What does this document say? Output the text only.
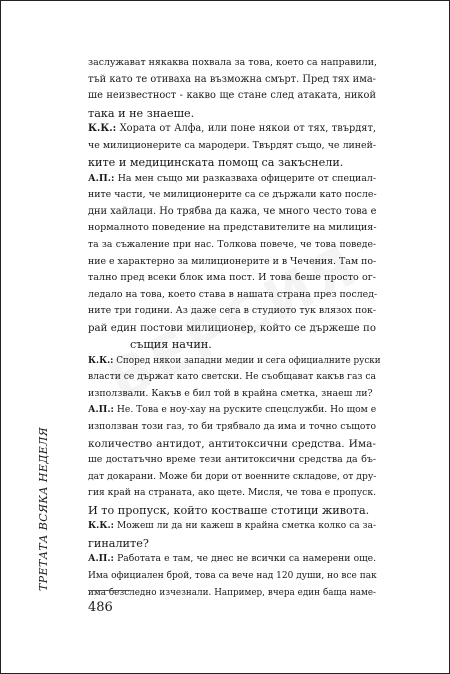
заслужават някаква похвала за това, което са направили,
тъй като те отиваха на възможна смърт. Пред тях има-
ше неизвестност - какво ще стане след атаката, никой
така и не знаеше.
К.К.: Хората от Алфа, или поне някои от тях, твърдят,
че милиционерите са мародери. Твърдят също, че линей-
ките и медицинската помощ са закъснели.
А.П.: На мен също ми разказваха офицерите от специал-
ните части, че милиционерите са се държали като после-
дни хайлаци. Но трябва да кажа, че много често това е
нормалното поведение на представителите на милиция-
та за съжаление при нас. Толкова повече, че това поведе-
ние е характерно за милиционерите и в Чечения. Там по-
тално пред всеки блок има пост. И това беше просто ог-
ледало на това, което става в нашата страна през послед-
ните три години. Аз даже сега в студиото тук влязох пок-
рай един постови милиционер, който се държеше по
същия начин.
К.К.: Според някои западни медии и сега официалните руски
власти се държат като светски. Не съобщават какъв газ са
използвали. Какъв е бил той в крайна сметка, знаеш ли?
А.П.: Не. Това е ноу-хау на руските спецслужби. Но щом е
използван този газ, то би трябвало да има и точно същото
количество антидот, антитоксични средства. Има-
ше достатъчно време тези антитоксични средства да бъ-
дат докарани. Може би дори от военните складове, от дру-
гия край на страната, ако щете. Мисля, че това е пропуск.
И то пропуск, който костваше стотици живота.
К.К.: Можеш ли да ни кажеш в крайна сметка колко са за-
гиналите?
А.П.: Работата е там, че днес не всички са намерени още.
Има официален брой, това са вече над 120 души, но все пак
има безследно изчезнали. Например, вчера един баща наме-
ТРЕТАТА ВСЯКА НЕДЕЛЯ
486
